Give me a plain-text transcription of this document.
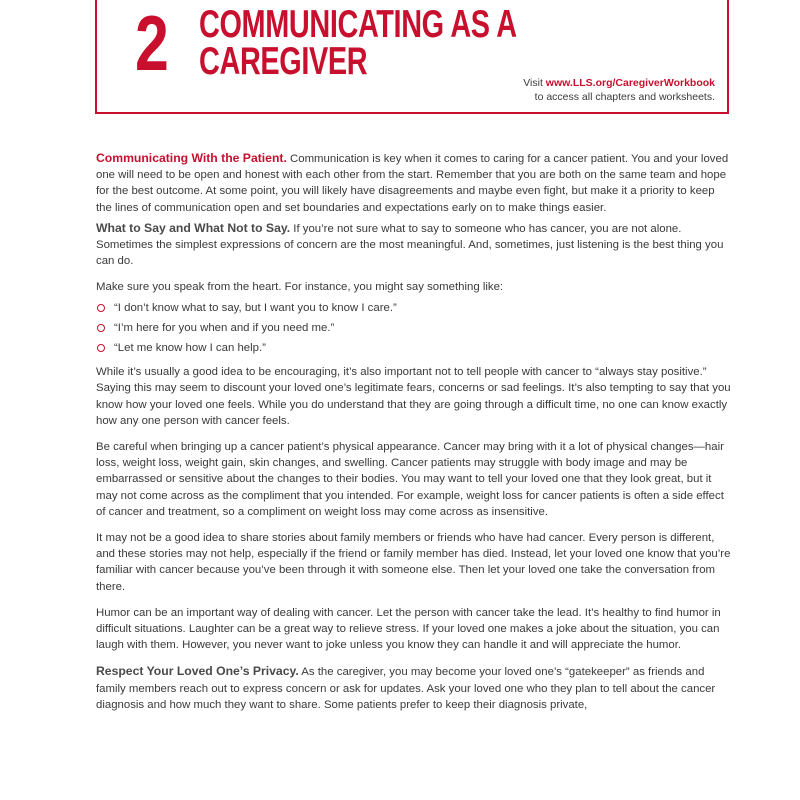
2 COMMUNICATING AS A
CAREGIVER	Visit www.LLS.org/CaregiverWorkbook
to access all chapters and worksheets.

Communicating With the Patient. Communication is key when it comes to caring for a cancer patient. You and your loved one will need to be open and honest with each other from the start. Remember that you are both on the same team and hope for the best outcome. At some point, you will likely have disagreements and maybe even fight, but make it a priority to keep the lines of communication open and set boundaries and expectations early on to make things easier.

What to Say and What Not to Say. If you’re not sure what to say to someone who has cancer, you are not alone. Sometimes the simplest expressions of concern are the most meaningful. And, sometimes, just listening is the best thing you can do.

Make sure you speak from the heart. For instance, you might say something like:

“I don’t know what to say, but I want you to know I care.”
“I’m here for you when and if you need me.”
“Let me know how I can help.”

While it’s usually a good idea to be encouraging, it’s also important not to tell people with cancer to “always stay positive.” Saying this may seem to discount your loved one’s legitimate fears, concerns or sad feelings. It’s also tempting to say that you know how your loved one feels. While you do understand that they are going through a difficult time, no one can know exactly how any one person with cancer feels.

Be careful when bringing up a cancer patient’s physical appearance. Cancer may bring with it a lot of physical changes—hair loss, weight loss, weight gain, skin changes, and swelling. Cancer patients may struggle with body image and may be embarrassed or sensitive about the changes to their bodies. You may want to tell your loved one that they look great, but it may not come across as the compliment that you intended. For example, weight loss for cancer patients is often a side effect of cancer and treatment, so a compliment on weight loss may come across as insensitive.

It may not be a good idea to share stories about family members or friends who have had cancer. Every person is different, and these stories may not help, especially if the friend or family member has died. Instead, let your loved one know that you’re familiar with cancer because you’ve been through it with someone else. Then let your loved one take the conversation from there.

Humor can be an important way of dealing with cancer. Let the person with cancer take the lead. It’s healthy to find humor in difficult situations. Laughter can be a great way to relieve stress. If your loved one makes a joke about the situation, you can laugh with them. However, you never want to joke unless you know they can handle it and will appreciate the humor.

Respect Your Loved One’s Privacy. As the caregiver, you may become your loved one’s “gatekeeper” as friends and family members reach out to express concern or ask for updates. Ask your loved one who they plan to tell about the cancer diagnosis and how much they want to share. Some patients prefer to keep their diagnosis private,
